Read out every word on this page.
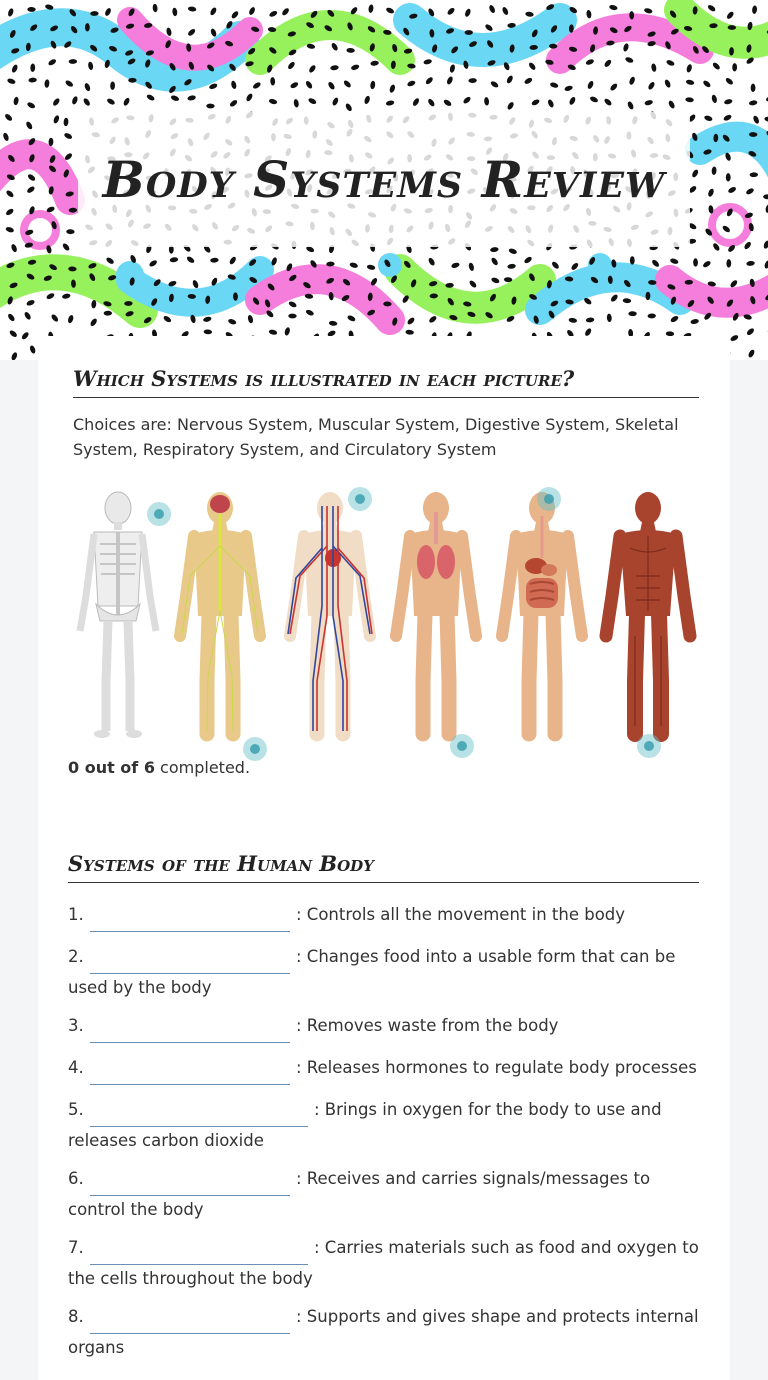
Body Systems Review
Which Systems is illustrated in each picture?
Choices are: Nervous System, Muscular System, Digestive System, Skeletal System, Respiratory System, and Circulatory System
0 out of 6 completed.
Systems of the Human Body
1.	: Controls all the movement in the body
2.	: Changes food into a usable form that can be used by the body
3.	: Removes waste from the body
4.	: Releases hormones to regulate body processes
5.	: Brings in oxygen for the body to use and releases carbon dioxide
6.	: Receives and carries signals/messages to control the body
7.	: Carries materials such as food and oxygen to the cells throughout the body
8.	: Supports and gives shape and protects internal organs
